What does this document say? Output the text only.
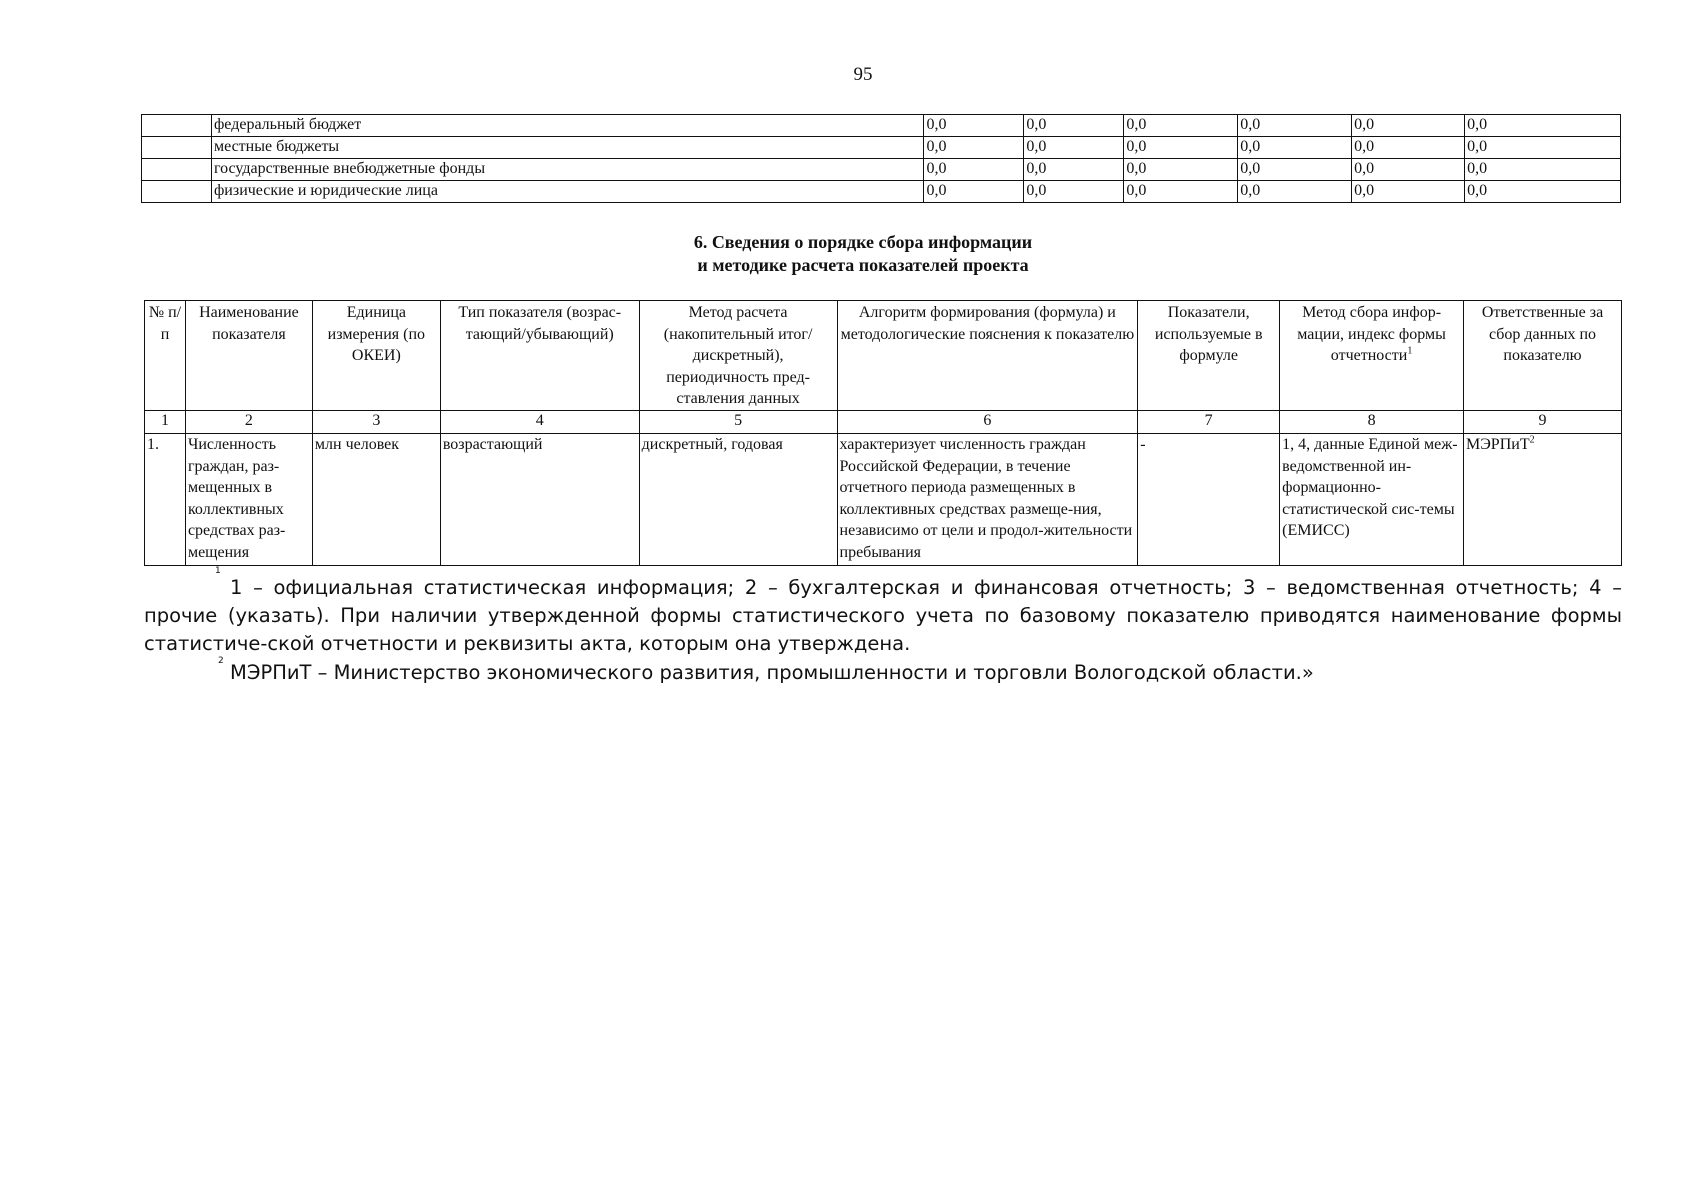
95
	федеральный бюджет	0,0	0,0	0,0	0,0	0,0	0,0
	местные бюджеты	0,0	0,0	0,0	0,0	0,0	0,0
	государственные внебюджетные фонды	0,0	0,0	0,0	0,0	0,0	0,0
	физические и юридические лица	0,0	0,0	0,0	0,0	0,0	0,0
6. Сведения о порядке сбора информации
и методике расчета показателей проекта
№ п/п	Наименование показателя	Единица измерения (по ОКЕИ)	Тип показателя (возрас-тающий/убывающий)	Метод расчета (накопительный итог/дискретный), периодичность пред-ставления данных	Алгоритм формирования (формула) и методологические пояснения к показателю	Показатели, используемые в формуле	Метод сбора инфор-мации, индекс формы отчетности$^1$	Ответственные за сбор данных по показателю
1	2	3	4	5	6	7	8	9
1.	Численность граждан, раз-мещенных в коллективных средствах раз-мещения	млн человек	возрастающий	дискретный, годовая	характеризует численность граждан Российской Федерации, в течение отчетного периода размещенных в коллективных средствах размеще-ния, независимо от цели и продол-жительности пребывания	-	1, 4, данные Единой меж-ведомственной ин-формационно-статистической сис-темы (ЕМИСС)	МЭРПиТ$^2$
1
1 – официальная статистическая информация; 2 – бухгалтерская и финансовая отчетность; 3 – ведомственная отчетность; 4 – прочие (указать). При наличии утвержденной формы статистического учета по базовому показателю приводятся наименование формы статистиче-ской отчетности и реквизиты акта, которым она утверждена.
2 МЭРПиТ – Министерство экономического развития, промышленности и торговли Вологодской области.»
